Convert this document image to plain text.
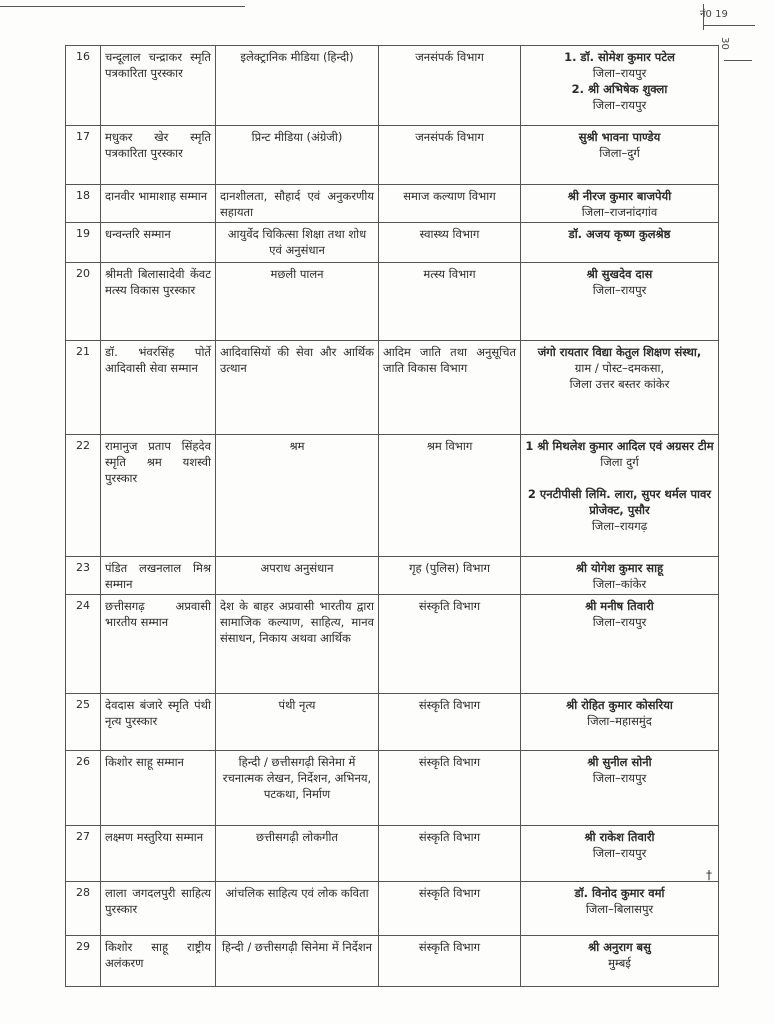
नं0 19
30
†
16	चन्दूलाल चन्द्राकर स्मृति पत्रकारिता पुरस्कार	इलेक्ट्रानिक मीडिया (हिन्दी)	जनसंपर्क विभाग	1. डॉ. सोमेश कुमार पटेल
जिला–रायपुर
2. श्री अभिषेक शुक्ला
जिला–रायपुर

17	मधुकर खेर स्मृति पत्रकारिता पुरस्कार	प्रिन्ट मीडिया (अंग्रेजी)	जनसंपर्क विभाग	सुश्री भावना पाण्डेय
जिला–दुर्ग

18	दानवीर भामाशाह सम्मान	दानशीलता, सौहार्द एवं अनुकरणीय सहायता	समाज कल्याण विभाग	श्री नीरज कुमार बाजपेयी
जिला–राजनांदगांव

19	धन्वन्तरि सम्मान	आयुर्वेद चिकित्सा शिक्षा तथा शोध एवं अनुसंधान	स्वास्थ्य विभाग	डॉ. अजय कृष्ण कुलश्रेष्ठ

20	श्रीमती बिलासादेवी केंवट मत्स्य विकास पुरस्कार	मछली पालन	मत्स्य विभाग	श्री सुखदेव दास
जिला–रायपुर

21	डॉ. भंवरसिंह पोर्ते आदिवासी सेवा सम्मान	आदिवासियों की सेवा और आर्थिक उत्थान	आदिम जाति तथा अनुसूचित जाति विकास विभाग	जंगो रायतार विद्या केतुल शिक्षण संस्था,
ग्राम / पोस्ट–दमकसा,
जिला उत्तर बस्तर कांकेर

22	रामानुज प्रताप सिंहदेव स्मृति श्रम यशस्वी पुरस्कार	श्रम	श्रम विभाग	1 श्री मिथलेश कुमार आदिल एवं अग्रसर टीम
जिला दुर्ग
2 एनटीपीसी लिमि. लारा, सुपर थर्मल पावर प्रोजेक्ट, पुसौर
जिला–रायगढ़

23	पंडित लखनलाल मिश्र सम्मान	अपराध अनुसंधान	गृह (पुलिस) विभाग	श्री योगेश कुमार साहू
जिला–कांकेर

24	छत्तीसगढ़ अप्रवासी भारतीय सम्मान	देश के बाहर अप्रवासी भारतीय द्वारा सामाजिक कल्याण, साहित्य, मानव संसाधन, निकाय अथवा आर्थिक	संस्कृति विभाग	श्री मनीष तिवारी
जिला–रायपुर

25	देवदास बंजारे स्मृति पंथी नृत्य पुरस्कार	पंथी नृत्य	संस्कृति विभाग	श्री रोहित कुमार कोसरिया
जिला–महासमुंद

26	किशोर साहू सम्मान	हिन्दी / छत्तीसगढ़ी सिनेमा में रचनात्मक लेखन, निर्देशन, अभिनय, पटकथा, निर्माण	संस्कृति विभाग	श्री सुनील सोनी
जिला–रायपुर

27	लक्ष्मण मस्तुरिया सम्मान	छत्तीसगढ़ी लोकगीत	संस्कृति विभाग	श्री राकेश तिवारी
जिला–रायपुर

28	लाला जगदलपुरी साहित्य पुरस्कार	आंचलिक साहित्य एवं लोक कविता	संस्कृति विभाग	डॉ. विनोद कुमार वर्मा
जिला–बिलासपुर

29	किशोर साहू राष्ट्रीय अलंकरण	हिन्दी / छत्तीसगढ़ी सिनेमा में निर्देशन	संस्कृति विभाग	श्री अनुराग बसु
मुम्बई
